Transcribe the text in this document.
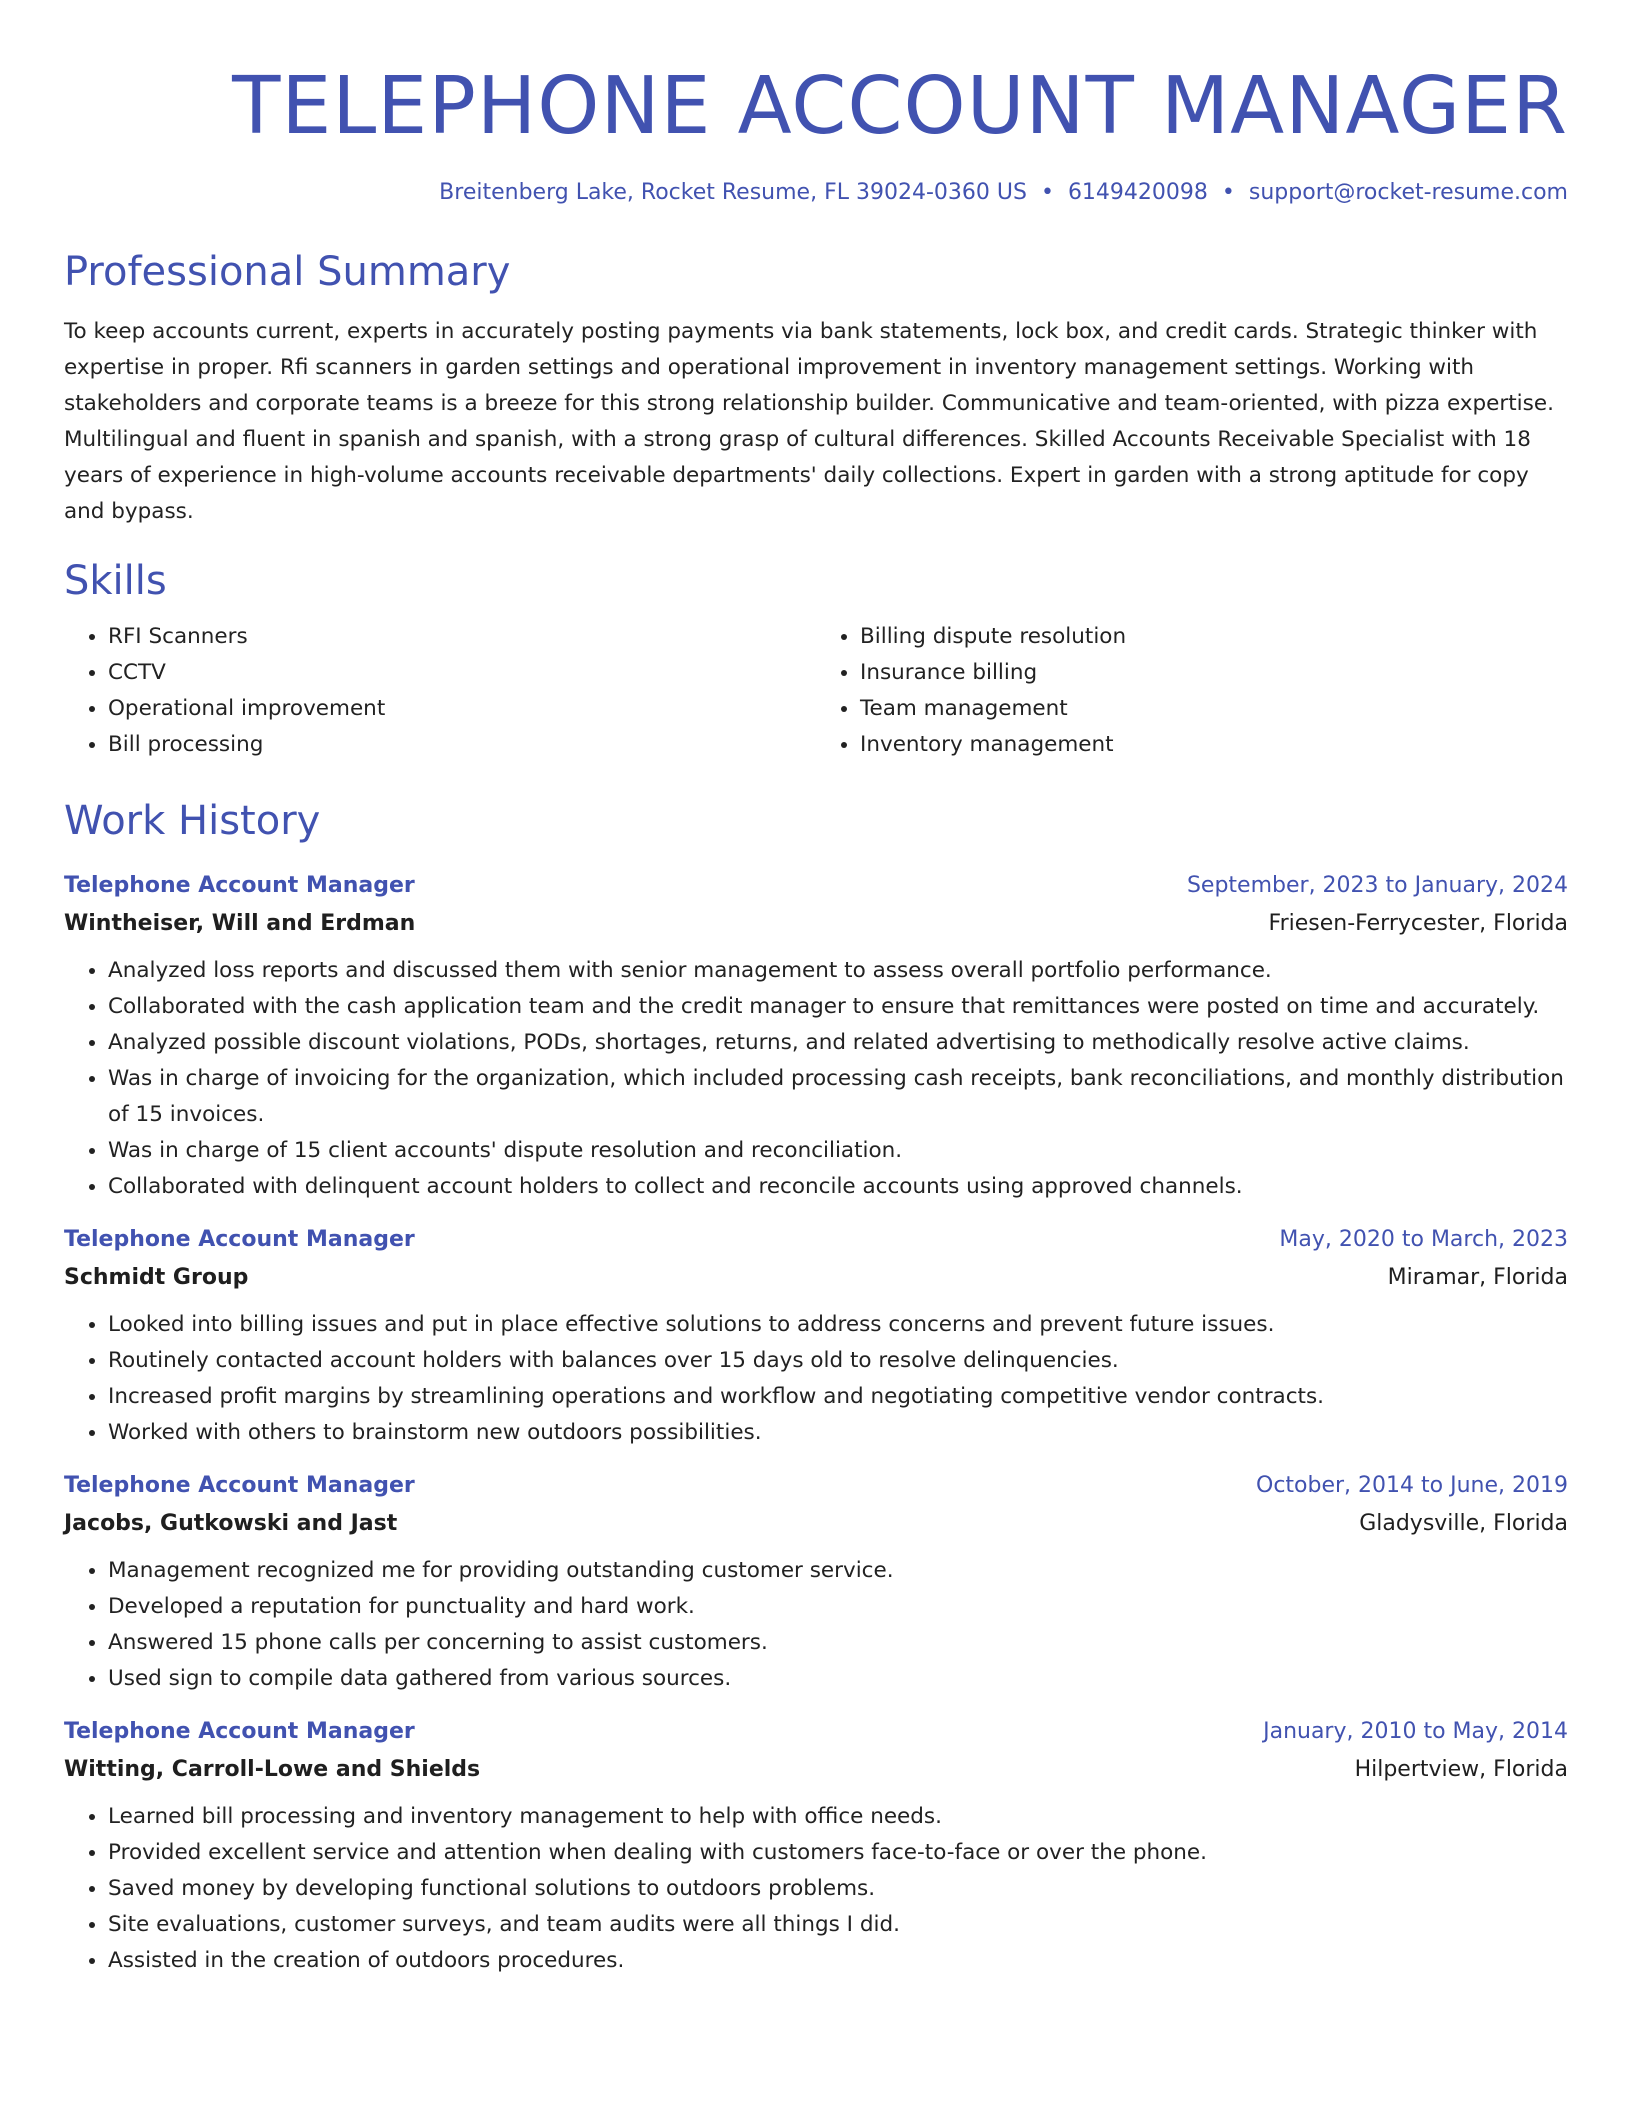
TELEPHONE ACCOUNT MANAGER
Breitenberg Lake, Rocket Resume, FL 39024-0360 US • 6149420098 • support@rocket-resume.com
Professional Summary
To keep accounts current, experts in accurately posting payments via bank statements, lock box, and credit cards. Strategic thinker with expertise in proper. Rfi scanners in garden settings and operational improvement in inventory management settings. Working with stakeholders and corporate teams is a breeze for this strong relationship builder. Communicative and team-oriented, with pizza expertise. Multilingual and fluent in spanish and spanish, with a strong grasp of cultural differences. Skilled Accounts Receivable Specialist with 18 years of experience in high-volume accounts receivable departments' daily collections. Expert in garden with a strong aptitude for copy and bypass.
Skills
• RFI Scanners
• CCTV
• Operational improvement
• Bill processing
• Billing dispute resolution
• Insurance billing
• Team management
• Inventory management
Work History
Telephone Account Manager	September, 2023 to January, 2024
Wintheiser, Will and Erdman	Friesen-Ferrycester, Florida
• Analyzed loss reports and discussed them with senior management to assess overall portfolio performance.
• Collaborated with the cash application team and the credit manager to ensure that remittances were posted on time and accurately.
• Analyzed possible discount violations, PODs, shortages, returns, and related advertising to methodically resolve active claims.
• Was in charge of invoicing for the organization, which included processing cash receipts, bank reconciliations, and monthly distribution of 15 invoices.
• Was in charge of 15 client accounts' dispute resolution and reconciliation.
• Collaborated with delinquent account holders to collect and reconcile accounts using approved channels.
Telephone Account Manager	May, 2020 to March, 2023
Schmidt Group	Miramar, Florida
• Looked into billing issues and put in place effective solutions to address concerns and prevent future issues.
• Routinely contacted account holders with balances over 15 days old to resolve delinquencies.
• Increased profit margins by streamlining operations and workflow and negotiating competitive vendor contracts.
• Worked with others to brainstorm new outdoors possibilities.
Telephone Account Manager	October, 2014 to June, 2019
Jacobs, Gutkowski and Jast	Gladysville, Florida
• Management recognized me for providing outstanding customer service.
• Developed a reputation for punctuality and hard work.
• Answered 15 phone calls per concerning to assist customers.
• Used sign to compile data gathered from various sources.
Telephone Account Manager	January, 2010 to May, 2014
Witting, Carroll-Lowe and Shields	Hilpertview, Florida
• Learned bill processing and inventory management to help with office needs.
• Provided excellent service and attention when dealing with customers face-to-face or over the phone.
• Saved money by developing functional solutions to outdoors problems.
• Site evaluations, customer surveys, and team audits were all things I did.
• Assisted in the creation of outdoors procedures.
